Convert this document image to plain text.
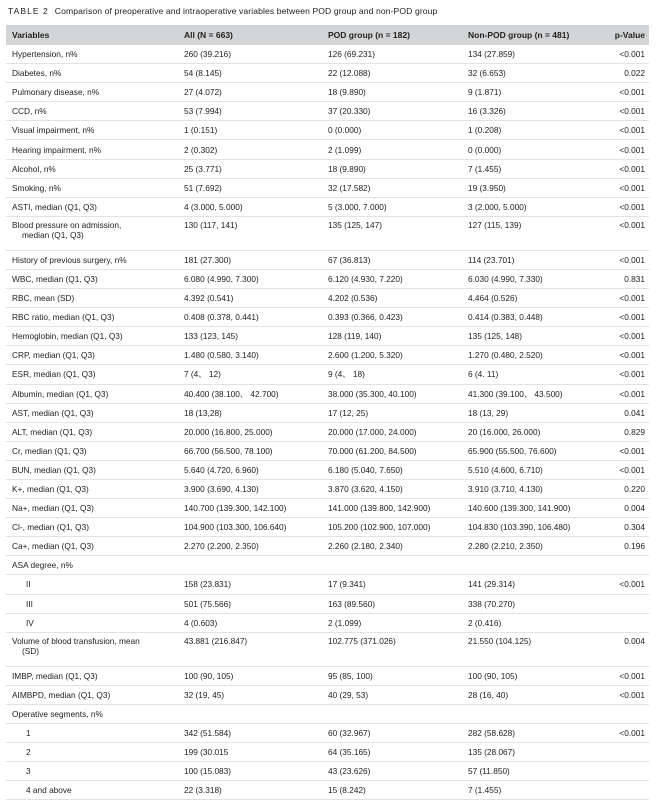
TABLE 2 Comparison of preoperative and intraoperative variables between POD group and non-POD group
Variables	All (N = 663)	POD group (n = 182)	Non-POD group (n = 481)	p-Value
Hypertension, n%	260 (39.216)	126 (69.231)	134 (27.859)	<0.001
Diabetes, n%	54 (8.145)	22 (12.088)	32 (6.653)	0.022
Pulmonary disease, n%	27 (4.072)	18 (9.890)	9 (1.871)	<0.001
CCD, n%	53 (7.994)	37 (20.330)	16 (3.326)	<0.001
Visual impairment, n%	1 (0.151)	0 (0.000)	1 (0.208)	<0.001
Hearing impairment, n%	2 (0.302)	2 (1.099)	0 (0.000)	<0.001
Alcohol, n%	25 (3.771)	18 (9.890)	7 (1.455)	<0.001
Smoking, n%	51 (7.692)	32 (17.582)	19 (3.950)	<0.001
ASTI, median (Q1, Q3)	4 (3.000, 5.000)	5 (3.000, 7.000)	3 (2.000, 5.000)	<0.001
Blood pressure on admission,
median (Q1, Q3)	130 (117, 141)	135 (125, 147)	127 (115, 139)	<0.001
History of previous surgery, n%	181 (27.300)	67 (36.813)	114 (23.701)	<0.001
WBC, median (Q1, Q3)	6.080 (4.990, 7.300)	6.120 (4.930, 7.220)	6.030 (4.990, 7.330)	0.831
RBC, mean (SD)	4.392 (0.541)	4.202 (0.536)	4.464 (0.526)	<0.001
RBC ratio, median (Q1, Q3)	0.408 (0.378, 0.441)	0.393 (0.366, 0.423)	0.414 (0.383, 0.448)	<0.001
Hemoglobin, median (Q1, Q3)	133 (123, 145)	128 (119, 140)	135 (125, 148)	<0.001
CRP, median (Q1, Q3)	1.480 (0.580, 3.140)	2.600 (1.200, 5.320)	1.270 (0.480, 2.520)	<0.001
ESR, median (Q1, Q3)	7 (4、 12)	9 (4、 18)	6 (4. 11)	<0.001
Albumin, median (Q1, Q3)	40.400 (38.100、 42.700)	38.000 (35.300, 40.100)	41.300 (39.100、 43.500)	<0.001
AST, median (Q1, Q3)	18 (13,28)	17 (12, 25)	18 (13, 29)	0.041
ALT, median (Q1, Q3)	20.000 (16.800, 25.000)	20.000 (17.000, 24.000)	20 (16.000, 26.000)	0.829
Cr, median (Q1, Q3)	66.700 (56.500, 78.100)	70.000 (61.200, 84.500)	65.900 (55.500, 76.600)	<0.001
BUN, median (Q1, Q3)	5.640 (4.720, 6.960)	6.180 (5.040, 7.650)	5.510 (4.600, 6.710)	<0.001
K+, median (Q1, Q3)	3.900 (3.690, 4.130)	3.870 (3.620, 4.150)	3.910 (3.710, 4.130)	0.220
Na+, median (Q1, Q3)	140.700 (139.300, 142.100)	141.000 (139.800, 142.900)	140.600 (139.300, 141.900)	0.004
Cl-, median (Q1, Q3)	104.900 (103.300, 106.640)	105.200 (102.900, 107.000)	104.830 (103.390, 106.480)	0.304
Ca+, median (Q1, Q3)	2.270 (2.200, 2.350)	2.260 (2.180, 2.340)	2.280 (2.210, 2.350)	0.196
ASA degree, n%				
II	158 (23.831)	17 (9.341)	141 (29.314)	<0.001
III	501 (75.566)	163 (89.560)	338 (70.270)	
IV	4 (0.603)	2 (1.099)	2 (0.416)	
Volume of blood transfusion, mean
(SD)	43.881 (216.847)	102.775 (371.026)	21.550 (104.125)	0.004
IMBP, median (Q1, Q3)	100 (90, 105)	95 (85, 100)	100 (90, 105)	<0.001
AIMBPD, median (Q1, Q3)	32 (19, 45)	40 (29, 53)	28 (16, 40)	<0.001
Operative segments, n%				
1	342 (51.584)	60 (32.967)	282 (58.628)	<0.001
2	199 (30.015	64 (35.165)	135 (28.067)	
3	100 (15.083)	43 (23.626)	57 (11.850)	
4 and above	22 (3.318)	15 (8.242)	7 (1.455)	
